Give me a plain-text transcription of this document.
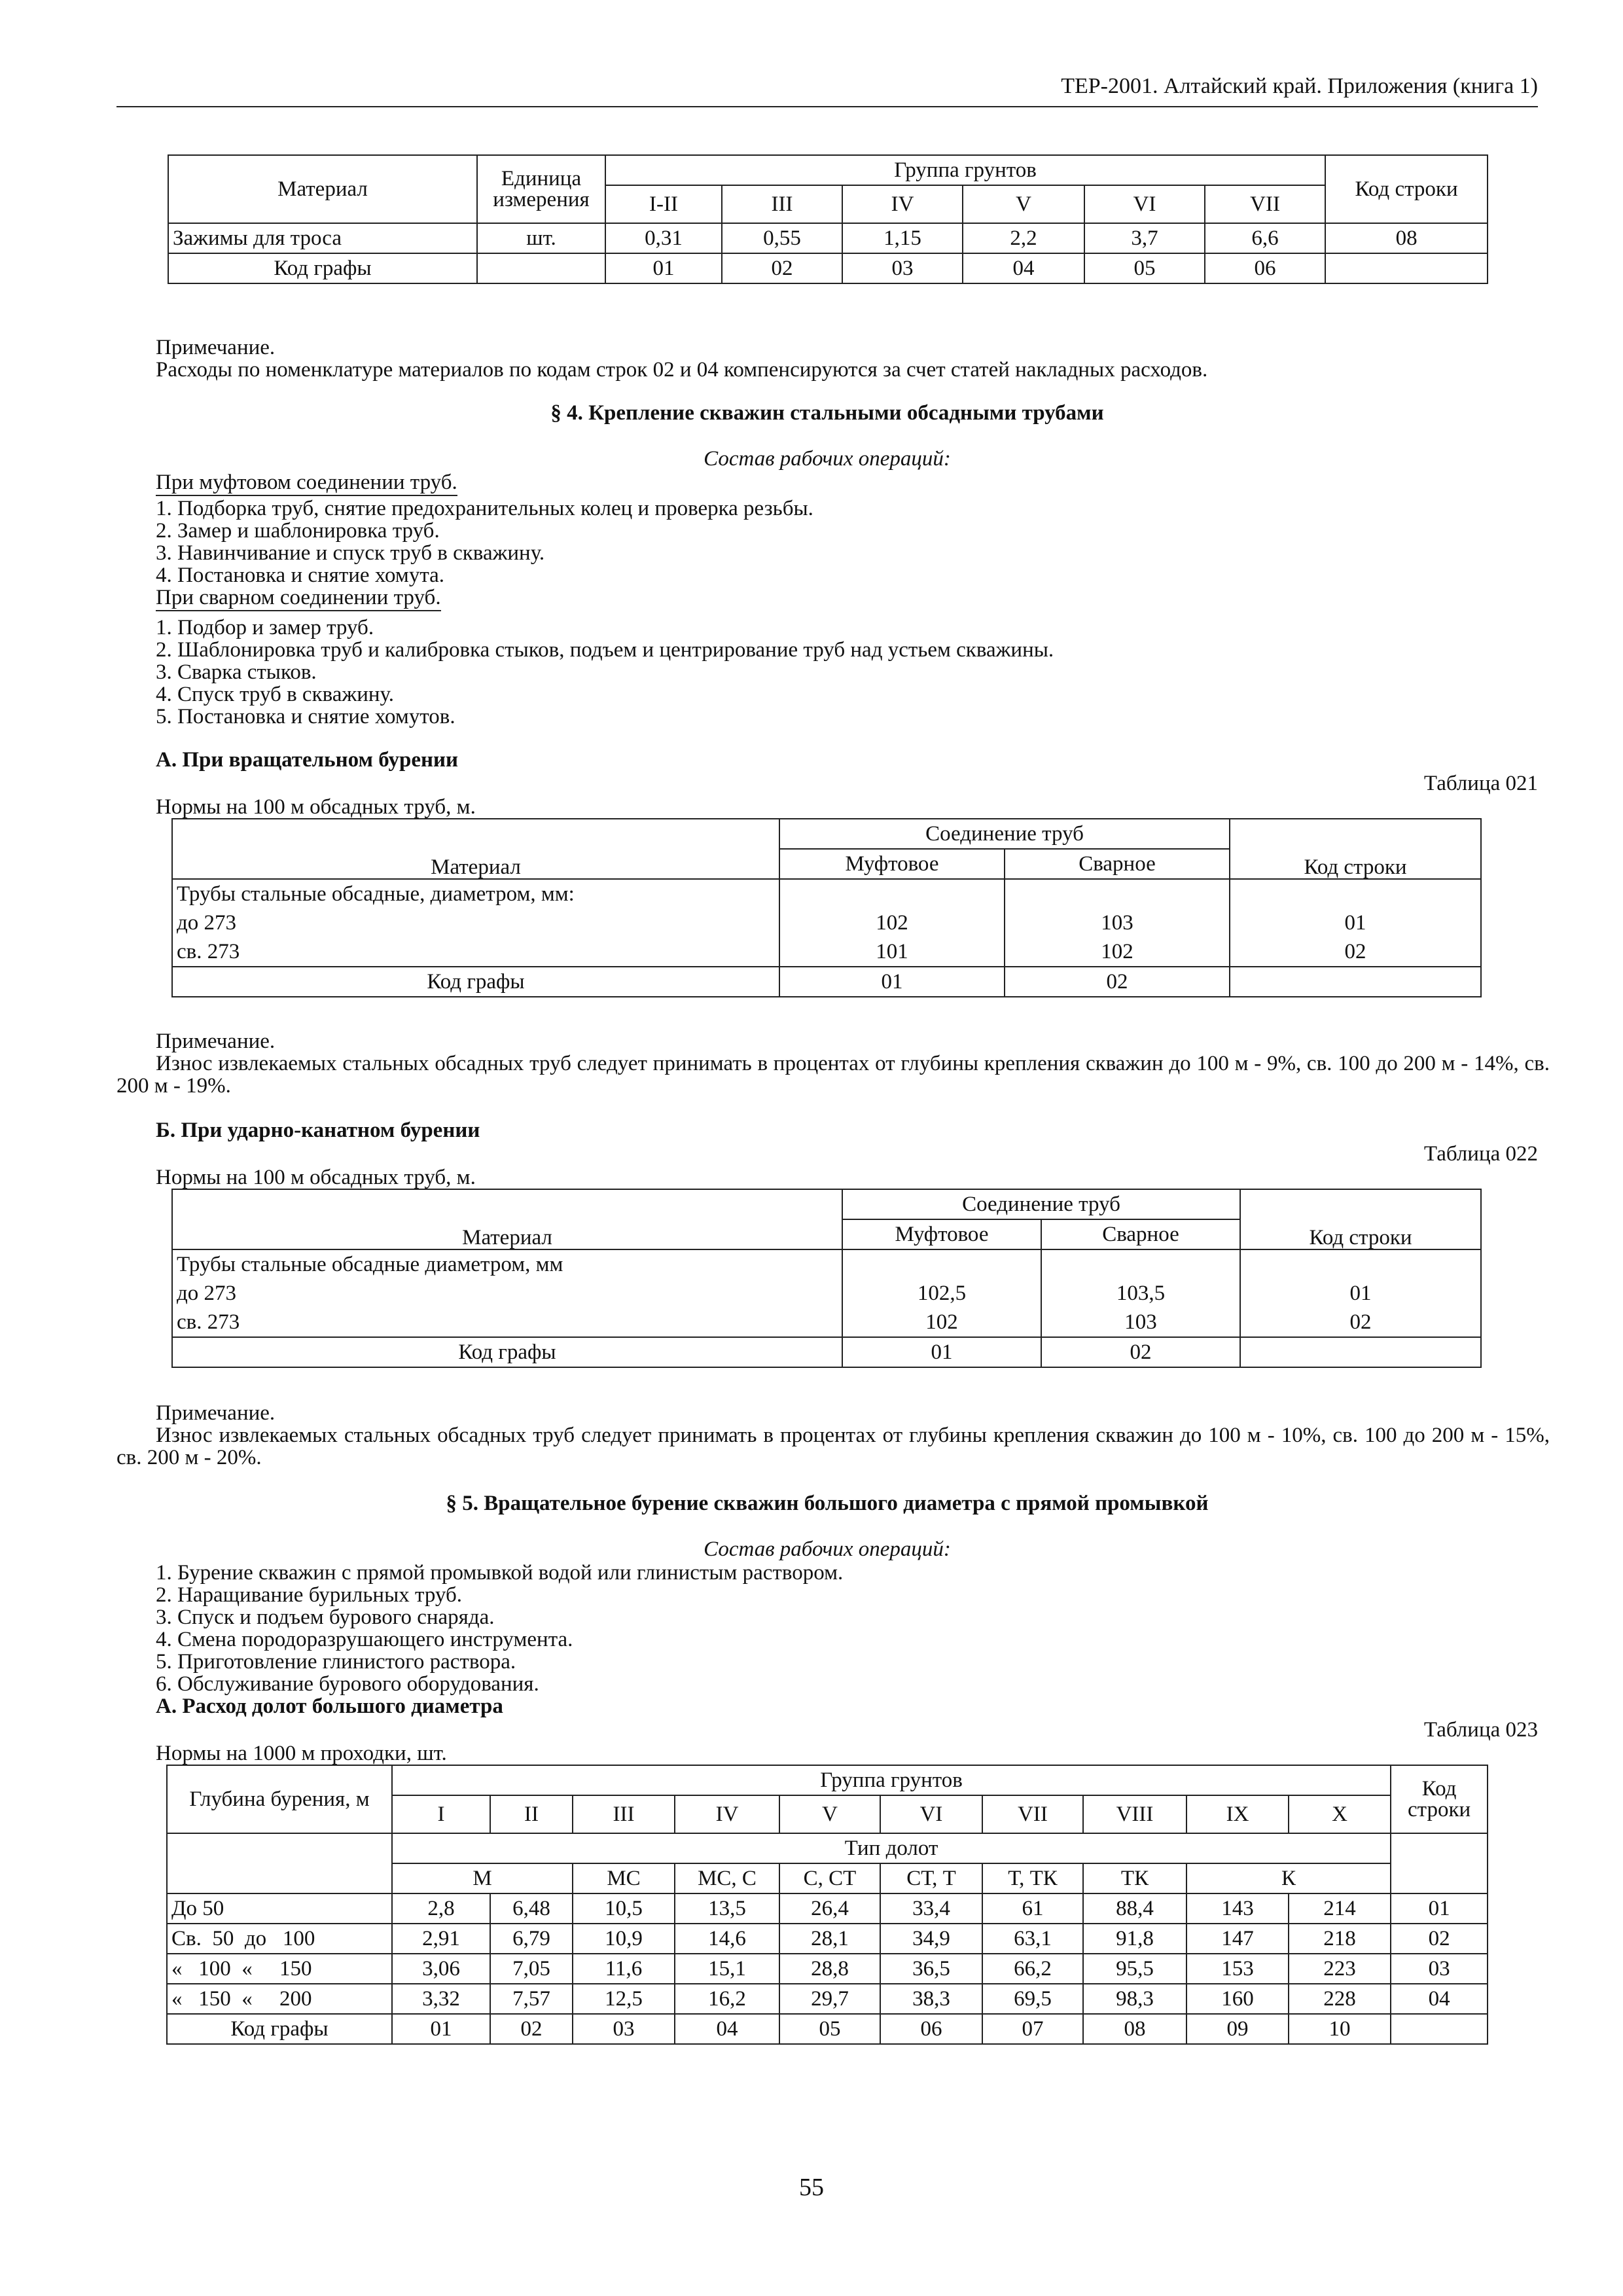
ТЕР-2001. Алтайский край. Приложения (книга 1)
Материал	Единица измерения	Группа грунтов						Код строки
		I-II	III	IV	V	VI	VII	
Зажимы для троса	шт.	0,31	0,55	1,15	2,2	3,7	6,6	08
Код графы		01	02	03	04	05	06	
Примечание.
Расходы по номенклатуре материалов по кодам строк 02 и 04 компенсируются за счет статей накладных расходов.
§ 4. Крепление скважин стальными обсадными трубами
Состав рабочих операций:
При муфтовом соединении труб.
1. Подборка труб, снятие предохранительных колец и проверка резьбы.
2. Замер и шаблонировка труб.
3. Навинчивание и спуск труб в скважину.
4. Постановка и снятие хомута.
При сварном соединении труб.
1. Подбор и замер труб.
2. Шаблонировка труб и калибровка стыков, подъем и центрирование труб над устьем скважины.
3. Сварка стыков.
4. Спуск труб в скважину.
5. Постановка и снятие хомутов.
А. При вращательном бурении
Таблица 021
Нормы на 100 м обсадных труб, м.
Материал	Соединение труб		Код строки
	Муфтовое	Сварное	
Трубы стальные обсадные, диаметром, мм:			
до 273	102	103	01
св. 273	101	102	02
Код графы	01	02	
Примечание.
Износ извлекаемых стальных обсадных труб следует принимать в процентах от глубины крепления скважин до 100 м - 9%, св. 100 до 200 м - 14%, св. 200 м - 19%.
Б. При ударно-канатном бурении
Таблица 022
Нормы на 100 м обсадных труб, м.
Материал	Соединение труб		Код строки
	Муфтовое	Сварное	
Трубы стальные обсадные диаметром, мм			
до 273	102,5	103,5	01
св. 273	102	103	02
Код графы	01	02	
Примечание.
Износ извлекаемых стальных обсадных труб следует принимать в процентах от глубины крепления скважин до 100 м - 10%, св. 100 до 200 м - 15%, св. 200 м - 20%.
§ 5. Вращательное бурение скважин большого диаметра с прямой промывкой
Состав рабочих операций:
1. Бурение скважин с прямой промывкой водой или глинистым раствором.
2. Наращивание бурильных труб.
3. Спуск и подъем бурового снаряда.
4. Смена породоразрушающего инструмента.
5. Приготовление глинистого раствора.
6. Обслуживание бурового оборудования.
А. Расход долот большого диаметра
Таблица 023
Нормы на 1000 м проходки, шт.
Глубина бурения, м	Группа грунтов										Код строки
	I	II	III	IV	V	VI	VII	VIII	IX	X	
	Тип долот										
	М		МС	МС, С	С, СТ	СТ, Т	Т, ТК	ТК	К		
До 50	2,8	6,48	10,5	13,5	26,4	33,4	61	88,4	143	214	01
Св.  50  до   100	2,91	6,79	10,9	14,6	28,1	34,9	63,1	91,8	147	218	02
«   100  «     150	3,06	7,05	11,6	15,1	28,8	36,5	66,2	95,5	153	223	03
«   150  «     200	3,32	7,57	12,5	16,2	29,7	38,3	69,5	98,3	160	228	04
Код графы	01	02	03	04	05	06	07	08	09	10	
55
